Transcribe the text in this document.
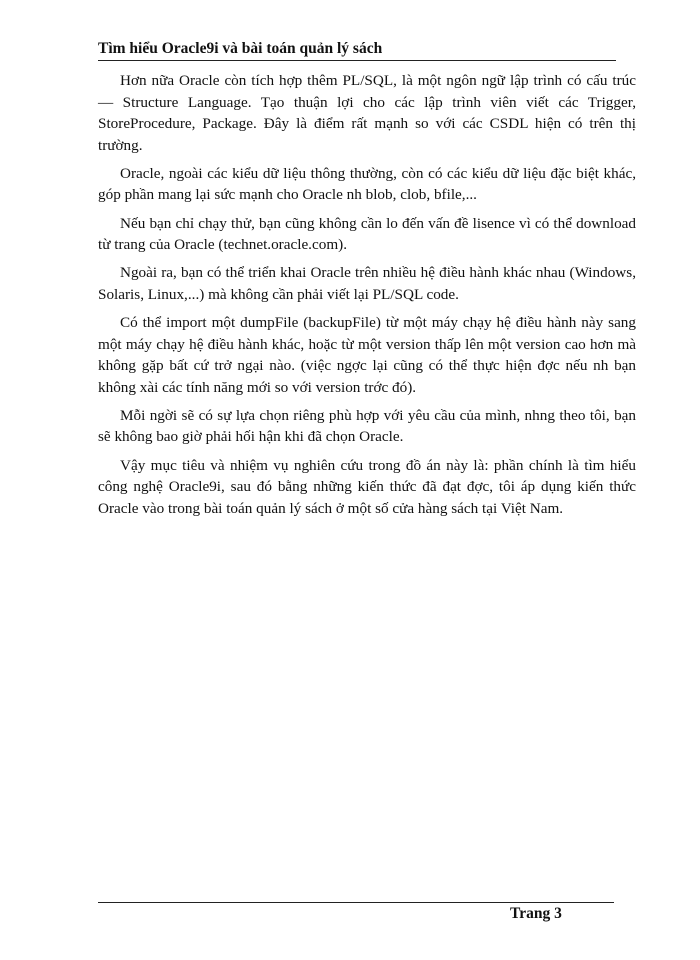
Tìm hiểu Oracle9i và bài toán quản lý sách

Hơn nữa Oracle còn tích hợp thêm PL/SQL, là một ngôn ngữ lập trình có cấu trúc — Structure Language. Tạo thuận lợi cho các lập trình viên viết các Trigger, StoreProcedure, Package. Đây là điểm rất mạnh so với các CSDL hiện có trên thị trường.

Oracle, ngoài các kiểu dữ liệu thông thường, còn có các kiểu dữ liệu đặc biệt khác, góp phần mang lại sức mạnh cho Oracle nh blob, clob, bfile,...

Nếu bạn chỉ chạy thử, bạn cũng không cần lo đến vấn đề lisence vì có thể download từ trang của Oracle (technet.oracle.com).

Ngoài ra, bạn có thể triển khai Oracle trên nhiều hệ điều hành khác nhau (Windows, Solaris, Linux,...) mà không cần phải viết lại PL/SQL code.

Có thể import một dumpFile (backupFile) từ một máy chạy hệ điều hành này sang một máy chạy hệ điều hành khác, hoặc từ một version thấp lên một version cao hơn mà không gặp bất cứ trở ngại nào. (việc ngợc lại cũng có thể thực hiện đợc nếu nh bạn không xài các tính năng mới so với version trớc đó).

Mỗi ngời sẽ có sự lựa chọn riêng phù hợp với yêu cầu của mình, nhng theo tôi, bạn sẽ không bao giờ phải hối hận khi đã chọn Oracle.

Vậy mục tiêu và nhiệm vụ nghiên cứu trong đồ án này là: phần chính là tìm hiểu công nghệ Oracle9i, sau đó bằng những kiến thức đã đạt đợc, tôi áp dụng kiến thức Oracle vào trong bài toán quản lý sách ở một số cửa hàng sách tại Việt Nam.

Trang 3
